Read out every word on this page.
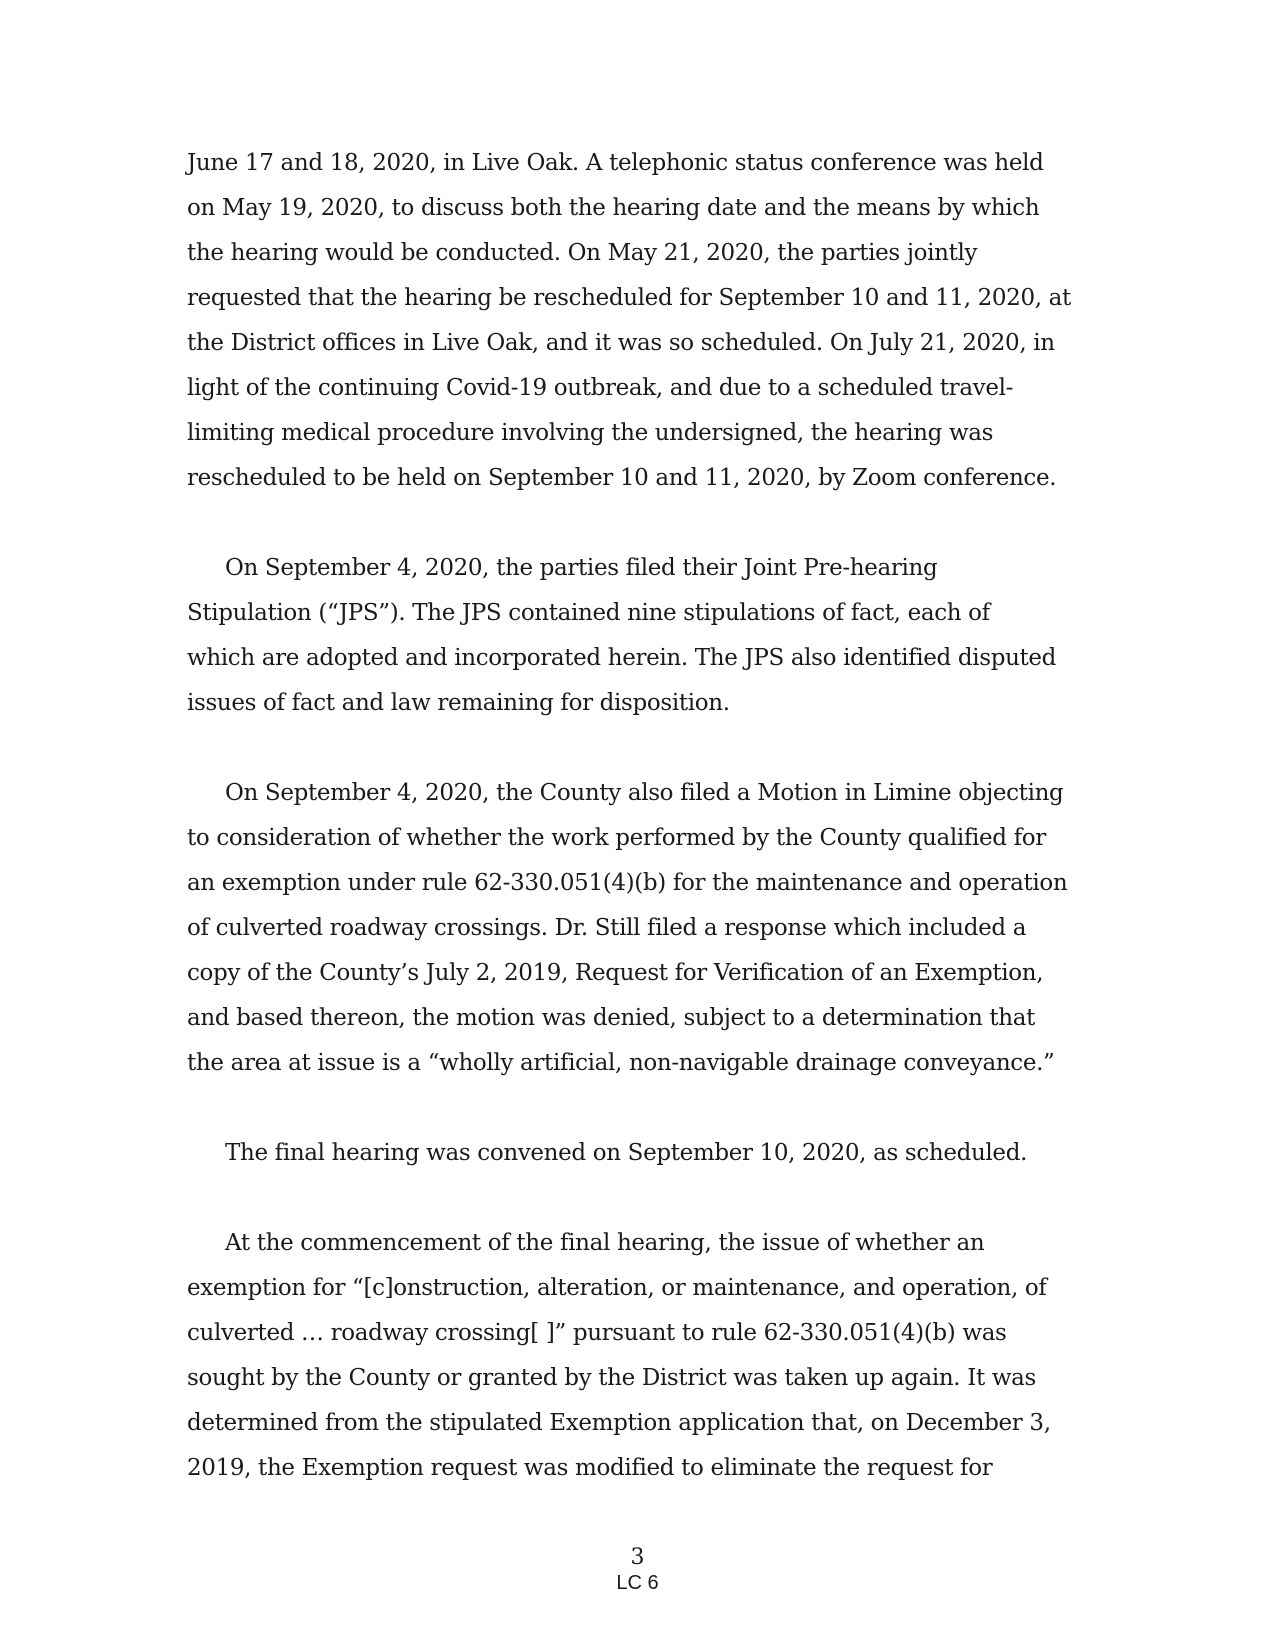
June 17 and 18, 2020, in Live Oak. A telephonic status conference was held
on May 19, 2020, to discuss both the hearing date and the means by which
the hearing would be conducted. On May 21, 2020, the parties jointly
requested that the hearing be rescheduled for September 10 and 11, 2020, at
the District offices in Live Oak, and it was so scheduled. On July 21, 2020, in
light of the continuing Covid-19 outbreak, and due to a scheduled travel-
limiting medical procedure involving the undersigned, the hearing was
rescheduled to be held on September 10 and 11, 2020, by Zoom conference.
On September 4, 2020, the parties filed their Joint Pre-hearing
Stipulation (“JPS”). The JPS contained nine stipulations of fact, each of
which are adopted and incorporated herein. The JPS also identified disputed
issues of fact and law remaining for disposition.
On September 4, 2020, the County also filed a Motion in Limine objecting
to consideration of whether the work performed by the County qualified for
an exemption under rule 62-330.051(4)(b) for the maintenance and operation
of culverted roadway crossings. Dr. Still filed a response which included a
copy of the County’s July 2, 2019, Request for Verification of an Exemption,
and based thereon, the motion was denied, subject to a determination that
the area at issue is a “wholly artificial, non-navigable drainage conveyance.”
The final hearing was convened on September 10, 2020, as scheduled.
At the commencement of the final hearing, the issue of whether an
exemption for “[c]onstruction, alteration, or maintenance, and operation, of
culverted … roadway crossing[ ]” pursuant to rule 62-330.051(4)(b) was
sought by the County or granted by the District was taken up again. It was
determined from the stipulated Exemption application that, on December 3,
2019, the Exemption request was modified to eliminate the request for
3
LC 6
